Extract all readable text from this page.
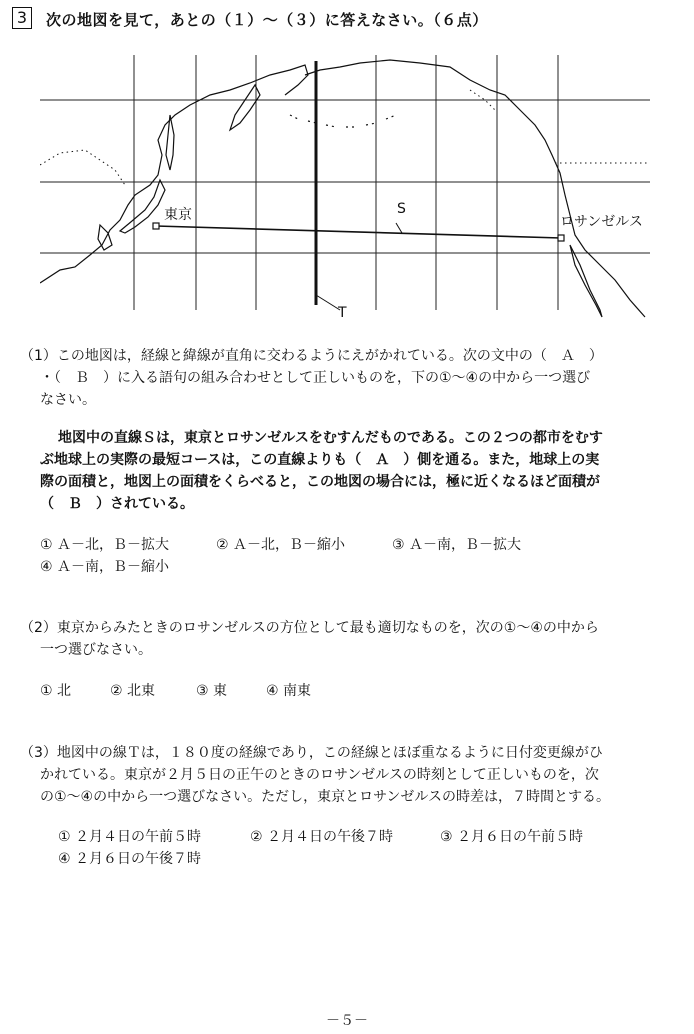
3	次の地図を見て，あとの（１）～（３）に答えなさい。（６点）
東京	ロサンゼルス
S
T
（1）この地図は，経線と緯線が直角に交わるようにえがかれている。次の文中の（　Ａ　）
・（　Ｂ　）に入る語句の組み合わせとして正しいものを，下の①～④の中から一つ選び
なさい。
地図中の直線Ｓは，東京とロサンゼルスをむすんだものである。この２つの都市をむす
ぶ地球上の実際の最短コースは，この直線よりも（　Ａ　）側を通る。また，地球上の実
際の面積と，地図上の面積をくらべると，この地図の場合には，極に近くなるほど面積が
（　Ｂ　）されている。
① Ａ－北，Ｂ－拡大	② Ａ－北，Ｂ－縮小	③ Ａ－南，Ｂ－拡大
④ Ａ－南，Ｂ－縮小
（2）東京からみたときのロサンゼルスの方位として最も適切なものを，次の①～④の中から
一つ選びなさい。
① 北	② 北東	③ 東	④ 南東
（3）地図中の線Ｔは，１８０度の経線であり，この経線とほぼ重なるように日付変更線がひ
かれている。東京が２月５日の正午のときのロサンゼルスの時刻として正しいものを，次
の①～④の中から一つ選びなさい。ただし，東京とロサンゼルスの時差は，７時間とする。
① ２月４日の午前５時	② ２月４日の午後７時	③ ２月６日の午前５時
④ ２月６日の午後７時
－５－
